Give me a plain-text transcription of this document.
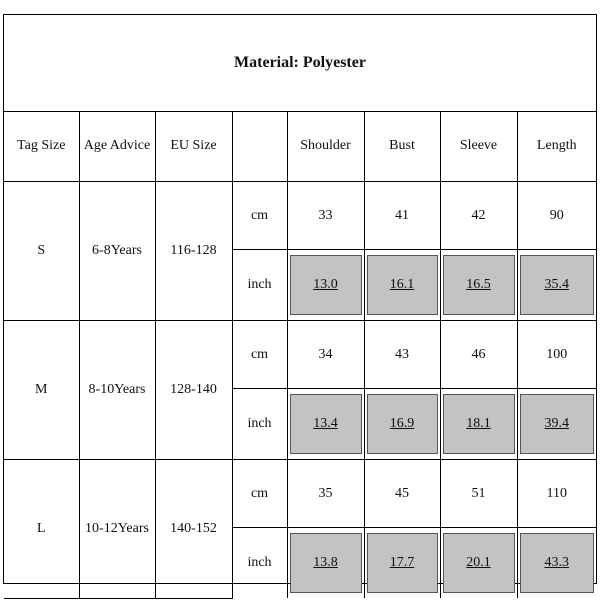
Material: Polyester
Tag Size	Age Advice	EU Size		Shoulder	Bust	Sleeve	Length
S	6-8Years	116-128	cm	33	41	42	90
			inch	13.0	16.1	16.5	35.4

M	8-10Years	128-140	cm	34	43	46	100
			inch	13.4	16.9	18.1	39.4

L	10-12Years	140-152	cm	35	45	51	110
			inch	13.8	17.7	20.1	43.3
